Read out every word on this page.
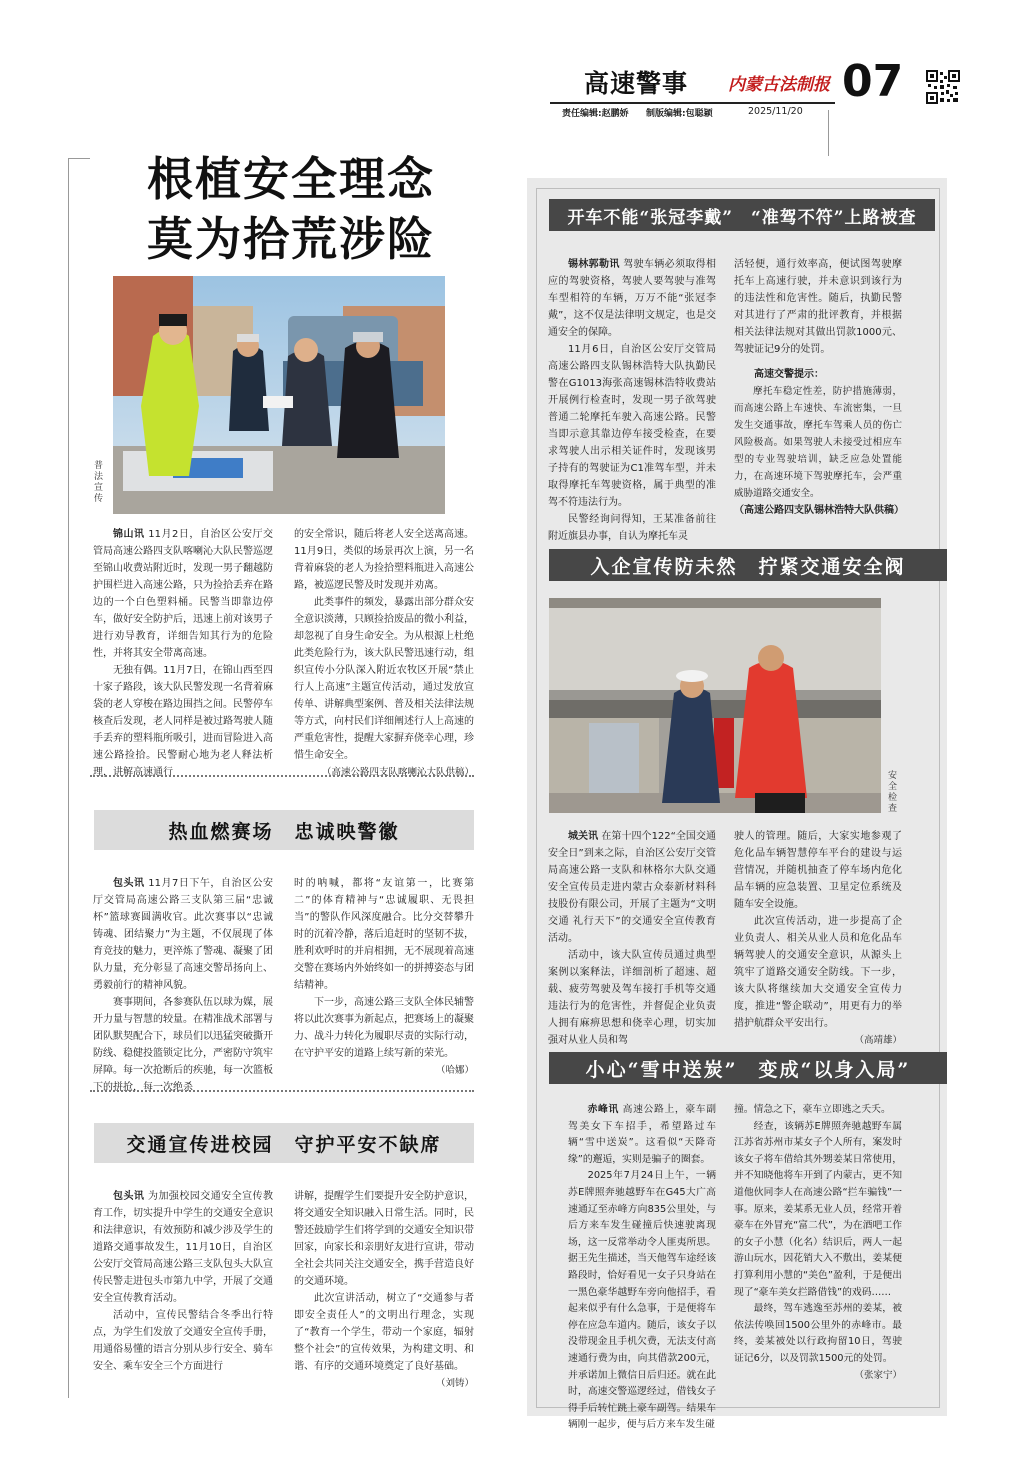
高速警事 内蒙古法制报 07
责任编辑:赵鹏娇 制版编辑:包聪颖	2025/11/20
根植安全理念
莫为拾荒涉险
普法宣传

锦山讯 11月2日，自治区公安厅交管局高速公路四支队喀喇沁大队民警巡逻至锦山收费站附近时，发现一男子翻越防护围栏进入高速公路，只为捡拾丢弃在路边的一个白色塑料桶。民警当即靠边停车，做好安全防护后，迅速上前对该男子进行劝导教育，详细告知其行为的危险性，并将其安全带离高速。

无独有偶。11月7日，在锦山西至四十家子路段，该大队民警发现一名背着麻袋的老人穿梭在路边围挡之间。民警停车核查后发现，老人同样是被过路驾驶人随手丢弃的塑料瓶所吸引，进而冒险进入高速公路捡拾。民警耐心地为老人释法析理，讲解高速通行

的安全常识，随后将老人安全送离高速。11月9日，类似的场景再次上演，另一名背着麻袋的老人为捡拾塑料瓶进入高速公路，被巡逻民警及时发现并劝离。

此类事件的频发，暴露出部分群众安全意识淡薄，只顾捡拾废品的微小利益，却忽视了自身生命安全。为从根源上杜绝此类危险行为，该大队民警迅速行动，组织宣传小分队深入附近农牧区开展“禁止行人上高速”主题宣传活动，通过发放宣传单、讲解典型案例、普及相关法律法规等方式，向村民们详细阐述行人上高速的严重危害性，提醒大家摒弃侥幸心理，珍惜生命安全。

（高速公路四支队喀喇沁大队供稿）
热血燃赛场　忠诚映警徽

包头讯 11月7日下午，自治区公安厅交管局高速公路三支队第三届“忠诚杯”篮球赛圆满收官。此次赛事以“忠诚铸魂、团结聚力”为主题，不仅展现了体育竞技的魅力，更淬炼了警魂、凝聚了团队力量，充分彰显了高速交警昂扬向上、勇毅前行的精神风貌。

赛事期间，各参赛队伍以球为媒，展开力量与智慧的较量。在精准战术部署与团队默契配合下，球员们以迅猛突破撕开防线、稳健投篮锁定比分，严密防守筑牢屏障。每一次抢断后的疾驰，每一次篮板下的拼抢，每一次绝杀

时的呐喊，都将“友谊第一，比赛第二”的体育精神与“忠诚履职、无畏担当”的警队作风深度融合。比分交替攀升时的沉着冷静，落后追赶时的坚韧不拔，胜利欢呼时的并肩相拥，无不展现着高速交警在赛场内外始终如一的拼搏姿态与团结精神。

下一步，高速公路三支队全体民辅警将以此次赛事为新起点，把赛场上的凝聚力、战斗力转化为履职尽责的实际行动，在守护平安的道路上续写新的荣光。

（哈娜）
交通宣传进校园　守护平安不缺席

包头讯 为加强校园交通安全宣传教育工作，切实提升中学生的交通安全意识和法律意识，有效预防和减少涉及学生的道路交通事故发生，11月10日，自治区公安厅交管局高速公路三支队包头大队宣传民警走进包头市第九中学，开展了交通安全宣传教育活动。

活动中，宣传民警结合冬季出行特点，为学生们发放了交通安全宣传手册，用通俗易懂的语言分别从步行安全、骑车安全、乘车安全三个方面进行

讲解，提醒学生们要提升安全防护意识，将交通安全知识融入日常生活。同时，民警还鼓励学生们将学到的交通安全知识带回家，向家长和亲朋好友进行宣讲，带动全社会共同关注交通安全，携手营造良好的交通环境。

此次宣讲活动，树立了“交通参与者即安全责任人”的文明出行理念，实现了“教育一个学生，带动一个家庭，辐射整个社会”的宣传效果，为构建文明、和谐、有序的交通环境奠定了良好基础。

（刘铸）
开车不能“张冠李戴”　“准驾不符”上路被查

锡林郭勒讯 驾驶车辆必须取得相应的驾驶资格，驾驶人要驾驶与准驾车型相符的车辆，万万不能“张冠李戴”，这不仅是法律明文规定，也是交通安全的保障。

11月6日，自治区公安厅交管局高速公路四支队锡林浩特大队执勤民警在G1013海张高速锡林浩特收费站开展例行检查时，发现一男子欲驾驶普通二轮摩托车驶入高速公路。民警当即示意其靠边停车接受检查，在要求驾驶人出示相关证件时，发现该男子持有的驾驶证为C1准驾车型，并未取得摩托车驾驶资格，属于典型的准驾不符违法行为。

民警经询问得知，王某准备前往附近旗县办事，自认为摩托车灵

活轻便，通行效率高，便试图驾驶摩托车上高速行驶，并未意识到该行为的违法性和危害性。随后，执勤民警对其进行了严肃的批评教育，并根据相关法律法规对其做出罚款1000元、驾驶证记9分的处罚。

高速交警提示：

摩托车稳定性差，防护措施薄弱，而高速公路上车速快、车流密集，一旦发生交通事故，摩托车驾乘人员的伤亡风险极高。如果驾驶人未接受过相应车型的专业驾驶培训，缺乏应急处置能力，在高速环境下驾驶摩托车，会严重威胁道路交通安全。

（高速公路四支队锡林浩特大队供稿）

入企宣传防未然　拧紧交通安全阀
安全检查

城关讯 在第十四个122“全国交通安全日”到来之际，自治区公安厅交管局高速公路一支队和林格尔大队交通安全宣传员走进内蒙古众泰新材料科技股份有限公司，开展了主题为“文明交通 礼行天下”的交通安全宣传教育活动。

活动中，该大队宣传员通过典型案例以案释法，详细剖析了超速、超载、疲劳驾驶及驾车接打手机等交通违法行为的危害性，并督促企业负责人拥有麻痹思想和侥幸心理，切实加强对从业人员和驾

驶人的管理。随后，大家实地参观了危化品车辆智慧停车平台的建设与运营情况，并随机抽查了停车场内危化品车辆的应急装置、卫星定位系统及随车安全设施。

此次宣传活动，进一步提高了企业负责人、相关从业人员和危化品车辆驾驶人的交通安全意识，从源头上筑牢了道路交通安全防线。下一步，该大队将继续加大交通安全宣传力度，推进“警企联动”，用更有力的举措护航群众平安出行。

（高靖雄）
小心“雪中送炭”　变成“以身入局”

赤峰讯 高速公路上，豪车副驾美女下车招手，希望路过车辆“雪中送炭”。这看似“天降奇缘”的邂逅，实则是骗子的圈套。

2025年7月24日上午，一辆苏E牌照奔驰越野车在G45大广高速通辽至赤峰方向835公里处，与后方来车发生碰撞后快速驶离现场，这一反常举动令人匪夷所思。据王先生描述，当天他驾车途经该路段时，恰好看见一女子只身站在一黑色豪华越野车旁向他招手，看起来似乎有什么急事，于是便将车停在应急车道内。随后，该女子以没带现金且手机欠费，无法支付高速通行费为由，向其借款200元，并承诺加上微信日后归还。就在此时，高速交警巡逻经过，借钱女子得手后转忙跳上豪车副驾。结果车辆刚一起步，便与后方来车发生碰

撞。情急之下，豪车立即逃之夭夭。

经查，该辆苏E牌照奔驰越野车属江苏省苏州市某女子个人所有，案发时该女子将车借给其外甥姜某日常使用，并不知晓他将车开到了内蒙古，更不知道他伙同李人在高速公路“拦车骗钱”一事。原来，姜某系无业人员，经常开着豪车在外冒充“富二代”，为在酒吧工作的女子小慧（化名）结识后，两人一起游山玩水，因花销大入不敷出，姜某便打算利用小慧的“美色”盈利，于是便出现了“豪车美女拦路借钱”的戏码……

最终，驾车逃逸至苏州的姜某，被依法传唤回1500公里外的赤峰市。最终，姜某被处以行政拘留10日，驾驶证记6分，以及罚款1500元的处罚。

（张家宁）
